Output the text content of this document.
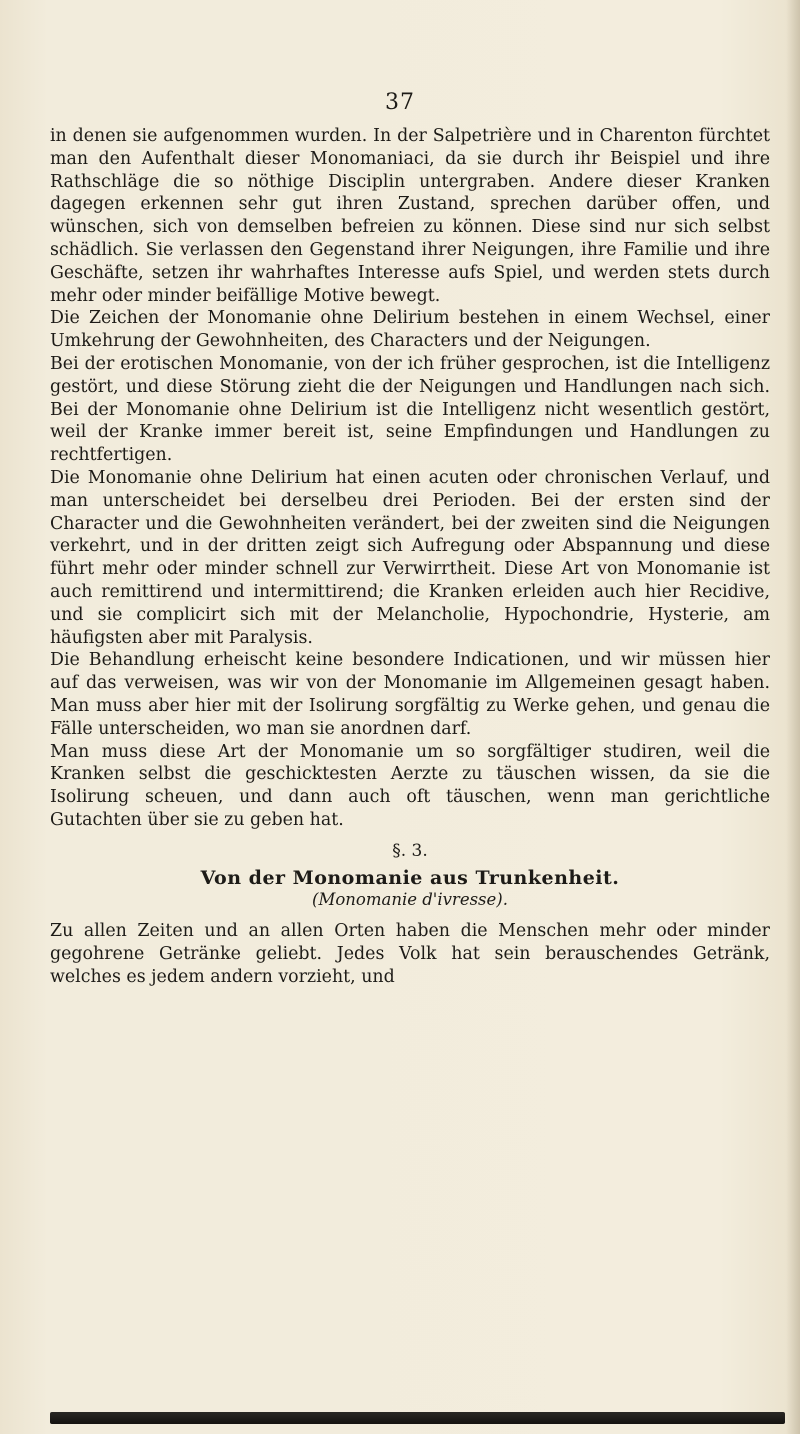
37

in denen sie aufgenommen wurden. In der Salpetrière und in Charenton fürchtet man den Aufenthalt dieser Monomaniaci, da sie durch ihr Beispiel und ihre Rathschläge die so nöthige Disciplin untergraben. Andere dieser Kranken dagegen erkennen sehr gut ihren Zustand, sprechen darüber offen, und wünschen, sich von demselben befreien zu können. Diese sind nur sich selbst schädlich. Sie verlassen den Gegenstand ihrer Neigungen, ihre Familie und ihre Geschäfte, setzen ihr wahrhaftes Interesse aufs Spiel, und werden stets durch mehr oder minder beifällige Motive bewegt.

Die Zeichen der Monomanie ohne Delirium bestehen in einem Wechsel, einer Umkehrung der Gewohnheiten, des Characters und der Neigungen.

Bei der erotischen Monomanie, von der ich früher gesprochen, ist die Intelligenz gestört, und diese Störung zieht die der Neigungen und Handlungen nach sich. Bei der Monomanie ohne Delirium ist die Intelligenz nicht wesentlich gestört, weil der Kranke immer bereit ist, seine Empfindungen und Handlungen zu rechtfertigen.

Die Monomanie ohne Delirium hat einen acuten oder chronischen Verlauf, und man unterscheidet bei derselbeu drei Perioden. Bei der ersten sind der Character und die Gewohnheiten verändert, bei der zweiten sind die Neigungen verkehrt, und in der dritten zeigt sich Aufregung oder Abspannung und diese führt mehr oder minder schnell zur Verwirrtheit. Diese Art von Monomanie ist auch remittirend und intermittirend; die Kranken erleiden auch hier Recidive, und sie complicirt sich mit der Melancholie, Hypochondrie, Hysterie, am häufigsten aber mit Paralysis.

Die Behandlung erheischt keine besondere Indicationen, und wir müssen hier auf das verweisen, was wir von der Monomanie im Allgemeinen gesagt haben. Man muss aber hier mit der Isolirung sorgfältig zu Werke gehen, und genau die Fälle unterscheiden, wo man sie anordnen darf.

Man muss diese Art der Monomanie um so sorgfältiger studiren, weil die Kranken selbst die geschicktesten Aerzte zu täuschen wissen, da sie die Isolirung scheuen, und dann auch oft täuschen, wenn man gerichtliche Gutachten über sie zu geben hat.

§. 3.
Von der Monomanie aus Trunkenheit.
(Monomanie d'ivresse).

Zu allen Zeiten und an allen Orten haben die Menschen mehr oder minder gegohrene Getränke geliebt. Jedes Volk hat sein berauschendes Getränk, welches es jedem andern vorzieht, und
